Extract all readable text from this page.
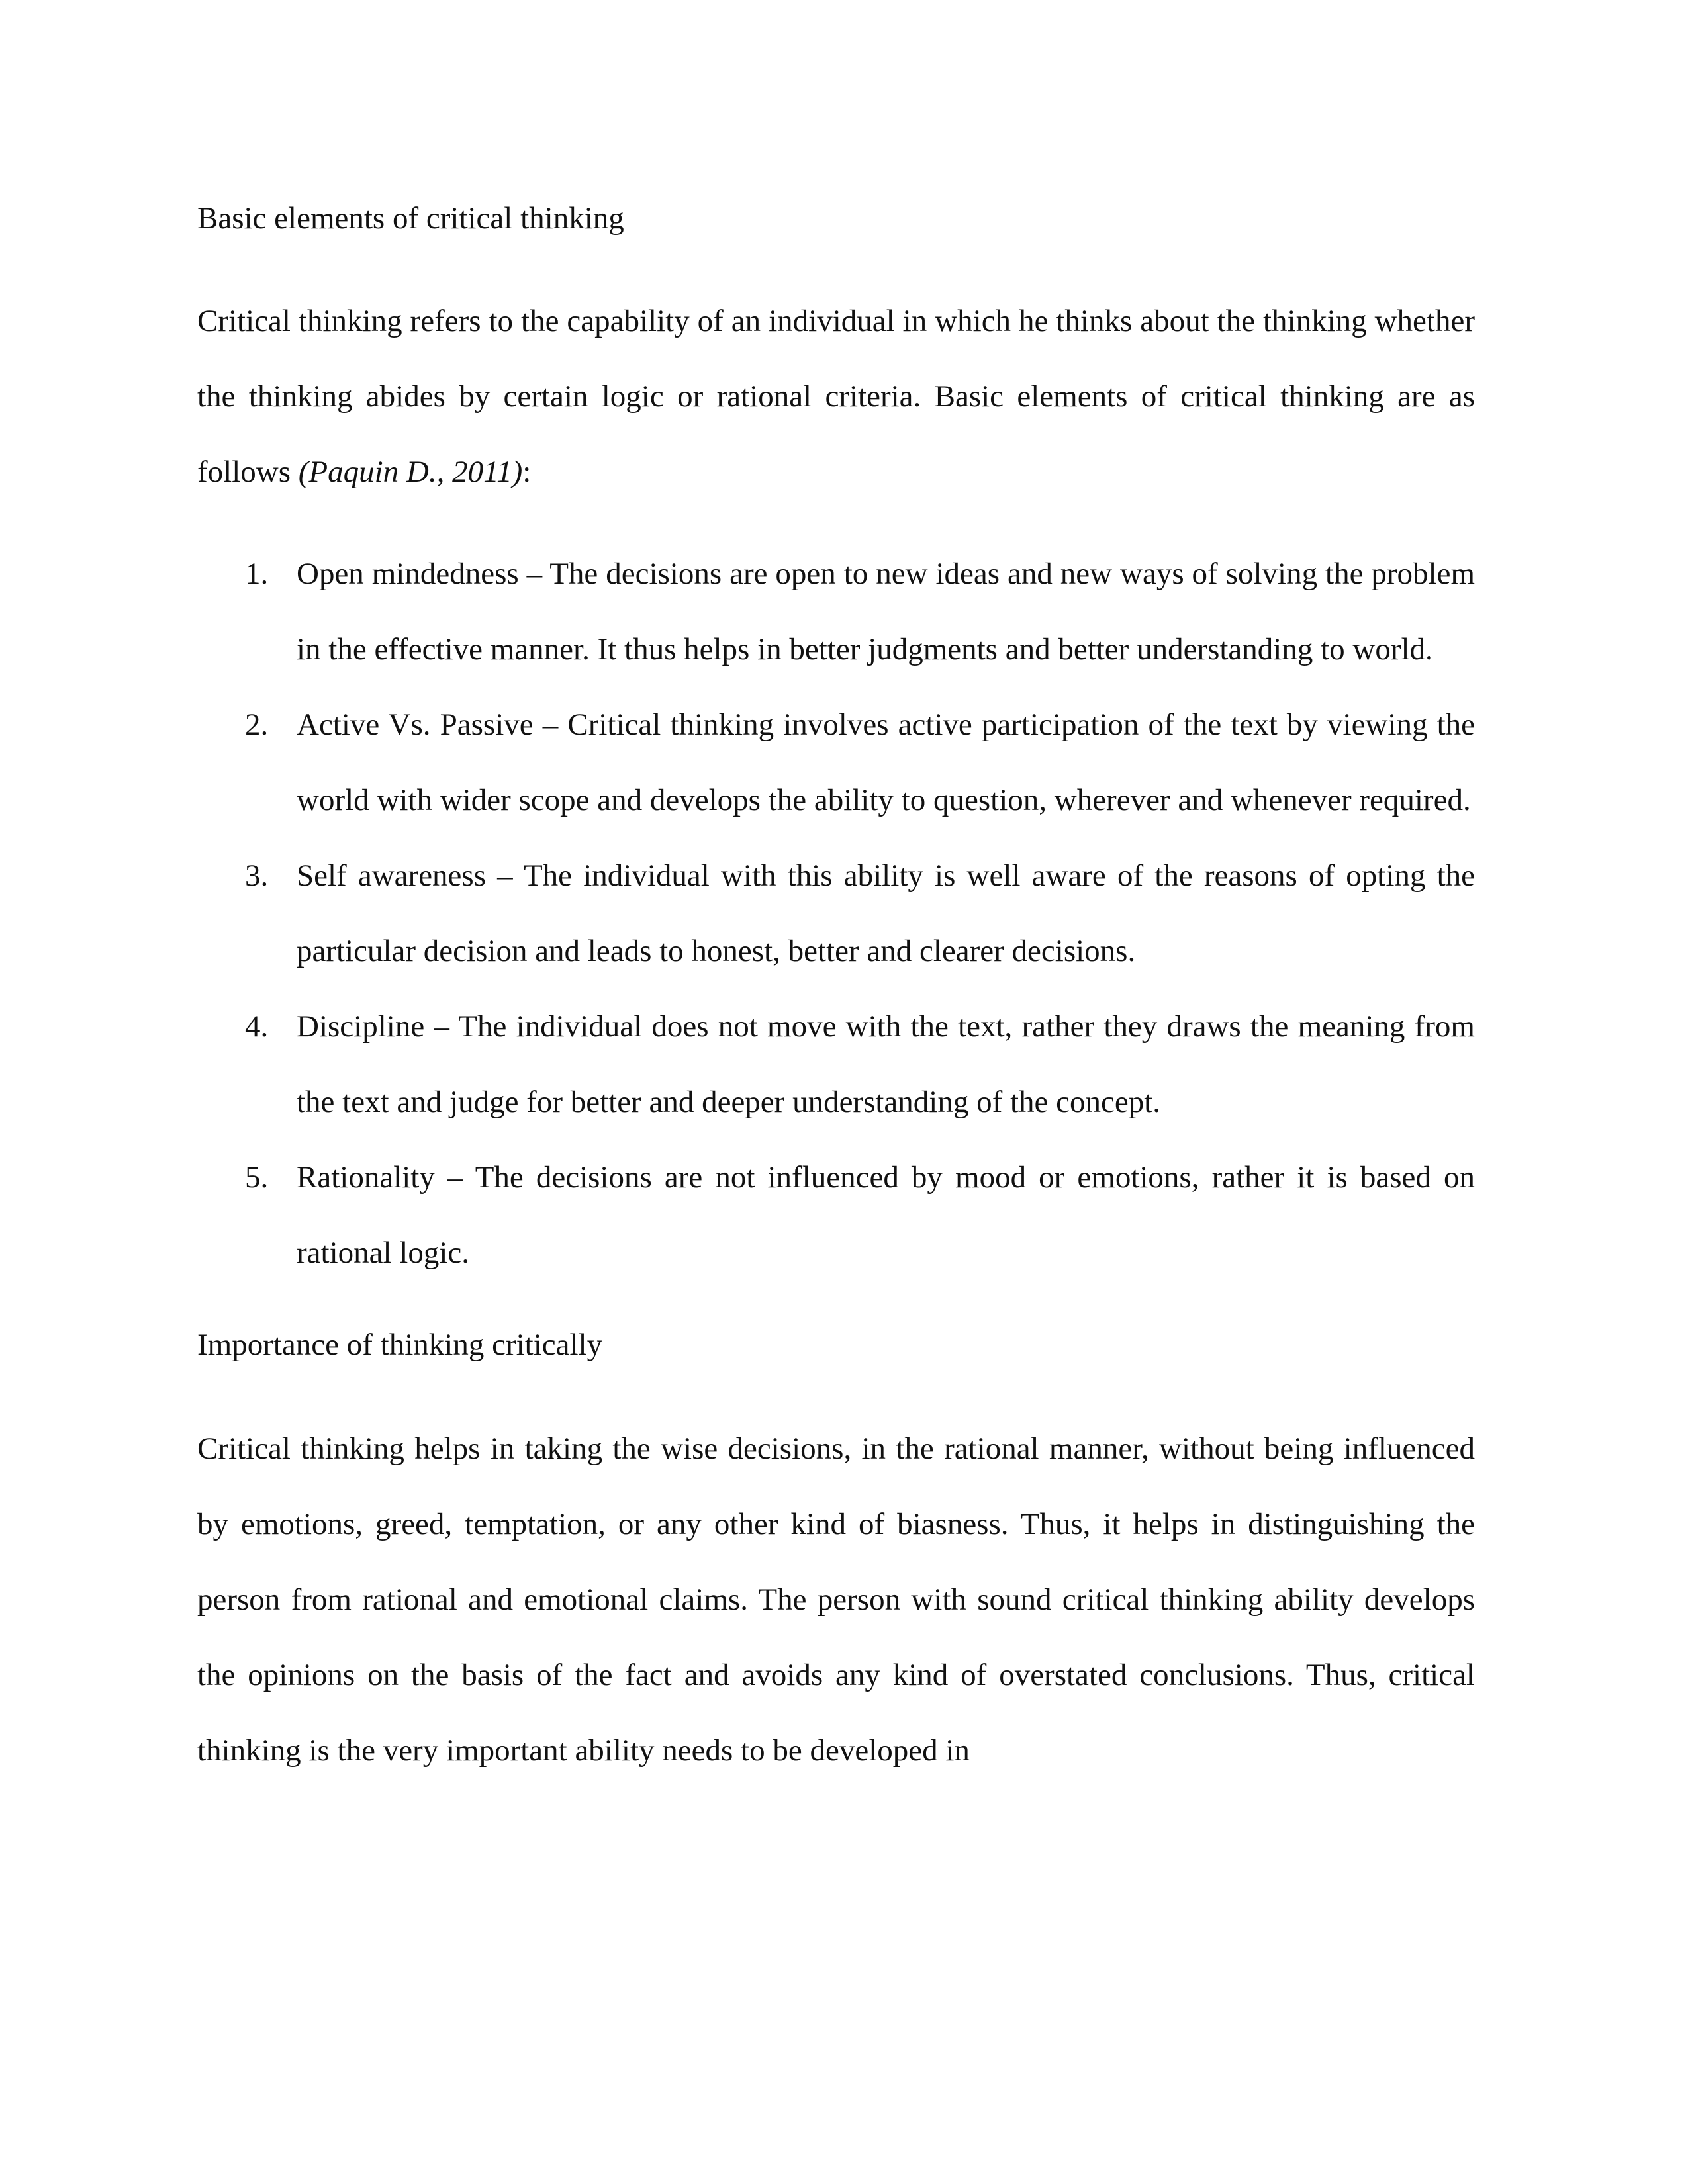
Basic elements of critical thinking

Critical thinking refers to the capability of an individual in which he thinks about the thinking whether the thinking abides by certain logic or rational criteria. Basic elements of critical thinking are as follows (Paquin D., 2011):

1. Open mindedness – The decisions are open to new ideas and new ways of solving the problem in the effective manner. It thus helps in better judgments and better understanding to world.
2. Active Vs. Passive – Critical thinking involves active participation of the text by viewing the world with wider scope and develops the ability to question, wherever and whenever required.
3. Self awareness – The individual with this ability is well aware of the reasons of opting the particular decision and leads to honest, better and clearer decisions.
4. Discipline – The individual does not move with the text, rather they draws the meaning from the text and judge for better and deeper understanding of the concept.
5. Rationality – The decisions are not influenced by mood or emotions, rather it is based on rational logic.
Importance of thinking critically

Critical thinking helps in taking the wise decisions, in the rational manner, without being influenced by emotions, greed, temptation, or any other kind of biasness. Thus, it helps in distinguishing the person from rational and emotional claims. The person with sound critical thinking ability develops the opinions on the basis of the fact and avoids any kind of overstated conclusions. Thus, critical thinking is the very important ability needs to be developed in
